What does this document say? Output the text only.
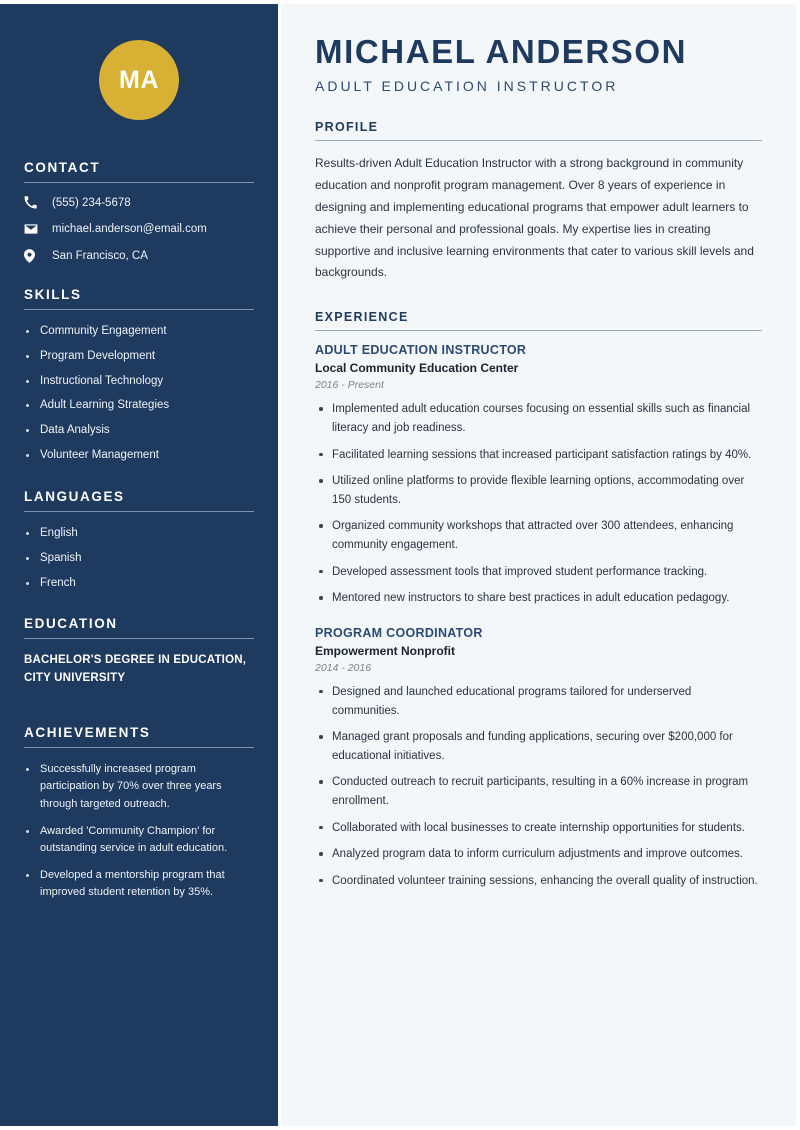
MA
CONTACT
(555) 234-5678
michael.anderson@email.com
San Francisco, CA
SKILLS
Community Engagement
Program Development
Instructional Technology
Adult Learning Strategies
Data Analysis
Volunteer Management
LANGUAGES
English
Spanish
French
EDUCATION
BACHELOR'S DEGREE IN EDUCATION, CITY UNIVERSITY
ACHIEVEMENTS
Successfully increased program participation by 70% over three years through targeted outreach.
Awarded 'Community Champion' for outstanding service in adult education.
Developed a mentorship program that improved student retention by 35%.
MICHAEL ANDERSON
ADULT EDUCATION INSTRUCTOR
PROFILE

Results-driven Adult Education Instructor with a strong background in community education and nonprofit program management. Over 8 years of experience in designing and implementing educational programs that empower adult learners to achieve their personal and professional goals. My expertise lies in creating supportive and inclusive learning environments that cater to various skill levels and backgrounds.

EXPERIENCE
ADULT EDUCATION INSTRUCTOR
Local Community Education Center
2016 - Present
Implemented adult education courses focusing on essential skills such as financial literacy and job readiness.
Facilitated learning sessions that increased participant satisfaction ratings by 40%.
Utilized online platforms to provide flexible learning options, accommodating over 150 students.
Organized community workshops that attracted over 300 attendees, enhancing community engagement.
Developed assessment tools that improved student performance tracking.
Mentored new instructors to share best practices in adult education pedagogy.
PROGRAM COORDINATOR
Empowerment Nonprofit
2014 - 2016
Designed and launched educational programs tailored for underserved communities.
Managed grant proposals and funding applications, securing over $200,000 for educational initiatives.
Conducted outreach to recruit participants, resulting in a 60% increase in program enrollment.
Collaborated with local businesses to create internship opportunities for students.
Analyzed program data to inform curriculum adjustments and improve outcomes.
Coordinated volunteer training sessions, enhancing the overall quality of instruction.
